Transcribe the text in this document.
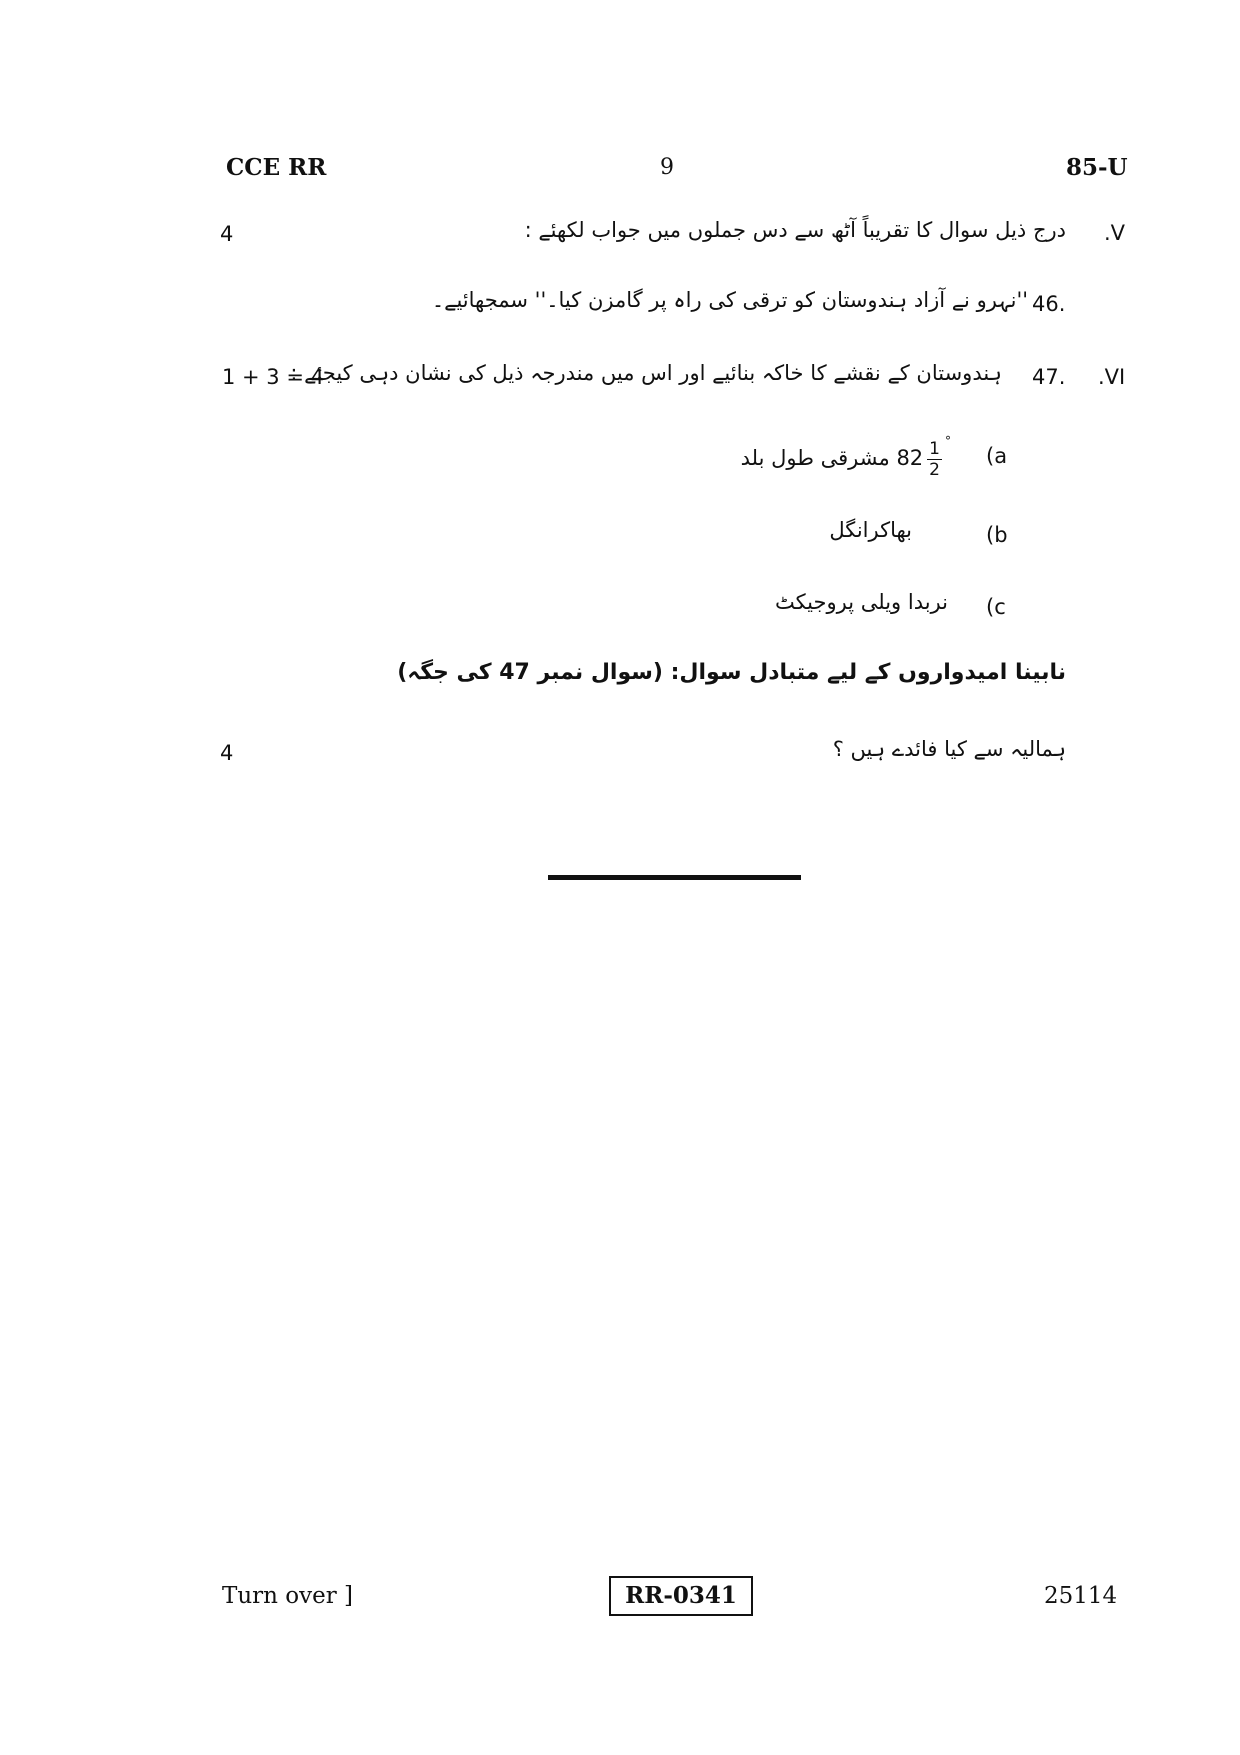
CCE RR	9	85-U
.V
درج ذیل سوال کا تقریباً آٹھ سے دس جملوں میں جواب لکھئے :
4
46.
''نہرو نے آزاد ہندوستان کو ترقی کی راہ پر گامزن کیا۔'' سمجھائیے۔
.VI
47.
ہندوستان کے نقشے کا خاکہ بنائیے اور اس میں مندرجہ ذیل کی نشان دہی کیجئے :
1 + 3 = 4
(a
$\frac{1 ^\circ}{2}$
82 مشرقی طول بلد
(b
بھاکرانگل
(c
نربدا ویلی پروجیکٹ
نابینا امیدواروں کے لیے متبادل سوال: (سوال نمبر 47 کی جگہ)
ہمالیہ سے کیا فائدے ہیں ؟
4
Turn over ]	RR-0341	25114
